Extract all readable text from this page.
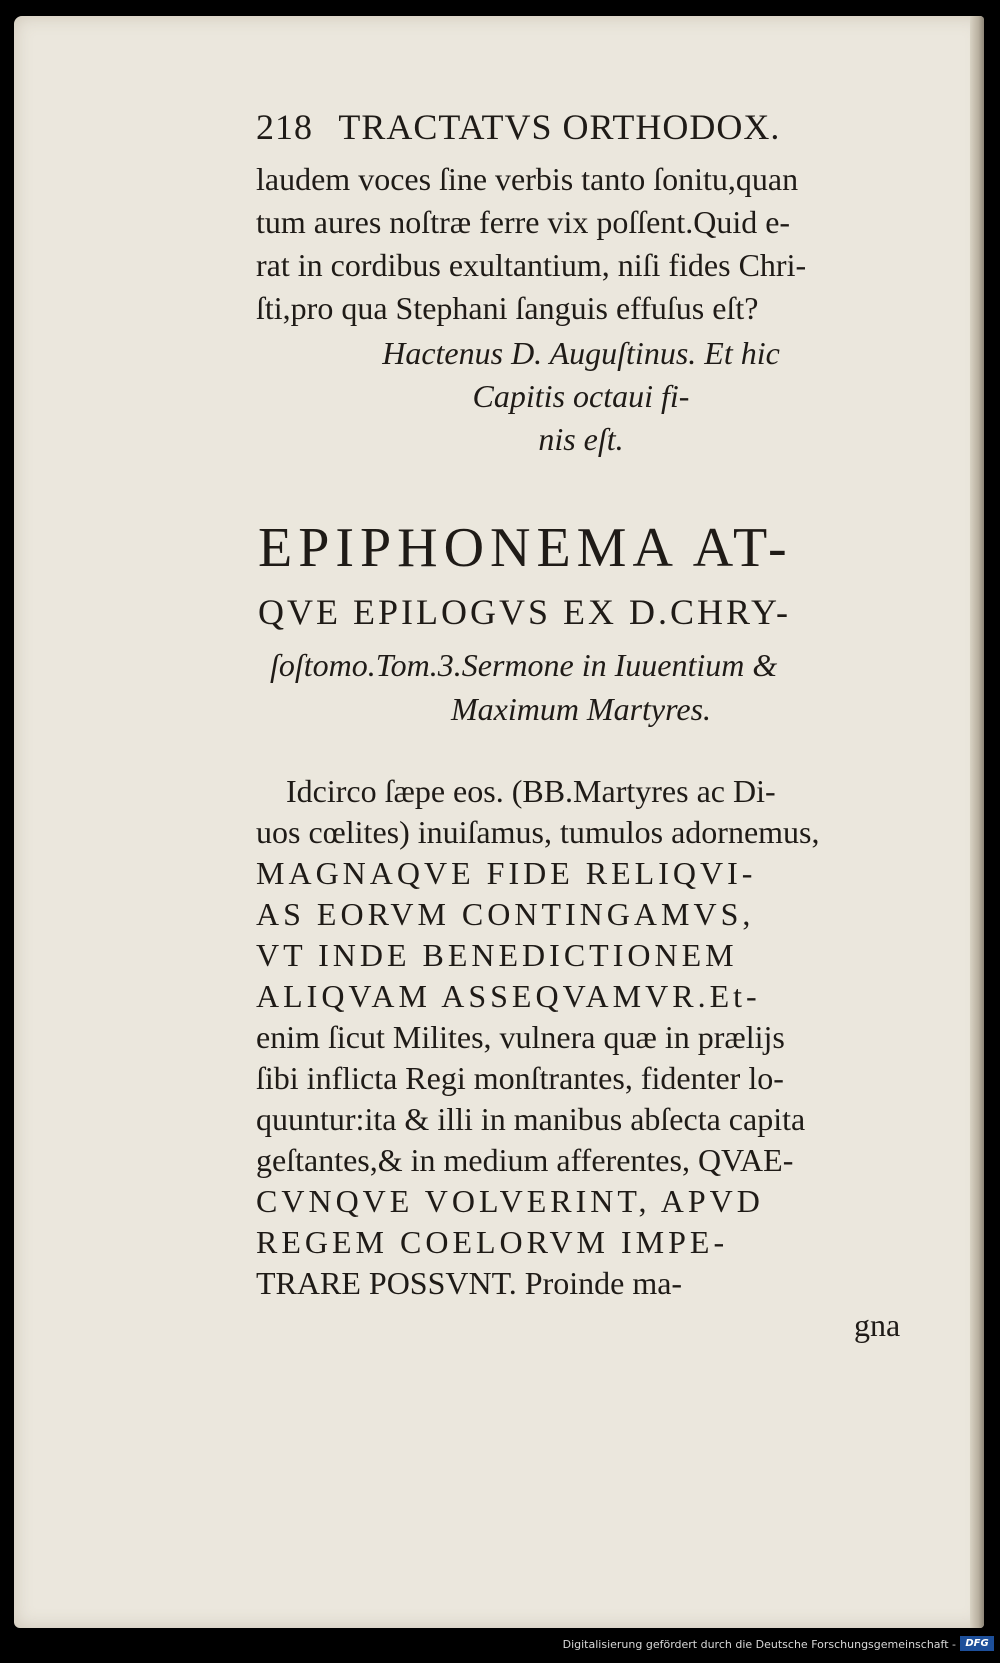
218 TRACTATVS ORTHODOX.
laudem voces ſine verbis tanto ſonitu,quan
tum aures noſtræ ferre vix poſſent.Quid e-
rat in cordibus exultantium, niſi fides Chri-
ſti,pro qua Stephani ſanguis effuſus eſt?
Hactenus D. Auguſtinus. Et hic
Capitis octaui fi-
nis eſt.
EPIPHONEMA AT-
QVE EPILOGVS EX D.CHRY-
ſoſtomo.Tom.3.Sermone in Iuuentium &
Maximum Martyres.
Idcirco ſæpe eos. (BB.Martyres ac Di-
uos cœlites) inuiſamus, tumulos adornemus,
MAGNAQVE FIDE RELIQVI-
AS EORVM CONTINGAMVS,
VT INDE BENEDICTIONEM
ALIQVAM ASSEQVAMVR.Et-
enim ſicut Milites, vulnera quæ in prælijs
ſibi inflicta Regi monſtrantes, fidenter lo-
quuntur:ita & illi in manibus abſecta capita
geſtantes,& in medium afferentes, QVAE-
CVNQVE VOLVERINT, APVD
REGEM COELORVM IMPE-
TRARE POSSVNT. Proinde ma-
gna
Digitalisierung gefördert durch die Deutsche Forschungsgemeinschaft - DFG
